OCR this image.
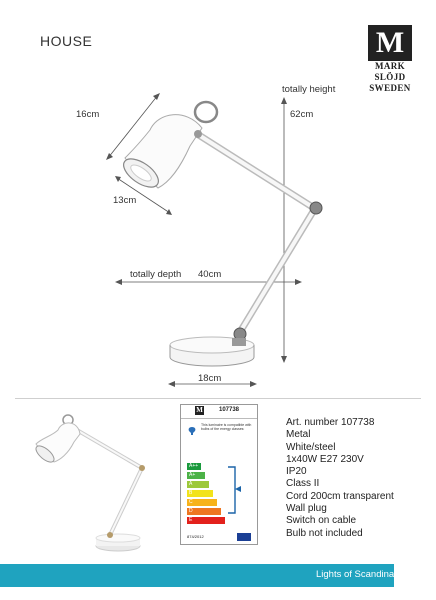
HOUSE	M
MARK
SLÖJD
SWEDEN
totally height
62cm
16cm
13cm
totally depth 40cm
18cm
M	107738
This luminaire is compatible with bulbs of the energy classes:
A++
A+
A
B
C
D
E
874/2012
Art. number 107738
Metal
White/steel
1x40W E27 230V
IP20
Class II
Cord 200cm transparent
Wall plug
Switch on cable
Bulb not included
Lights of Scandinavia
